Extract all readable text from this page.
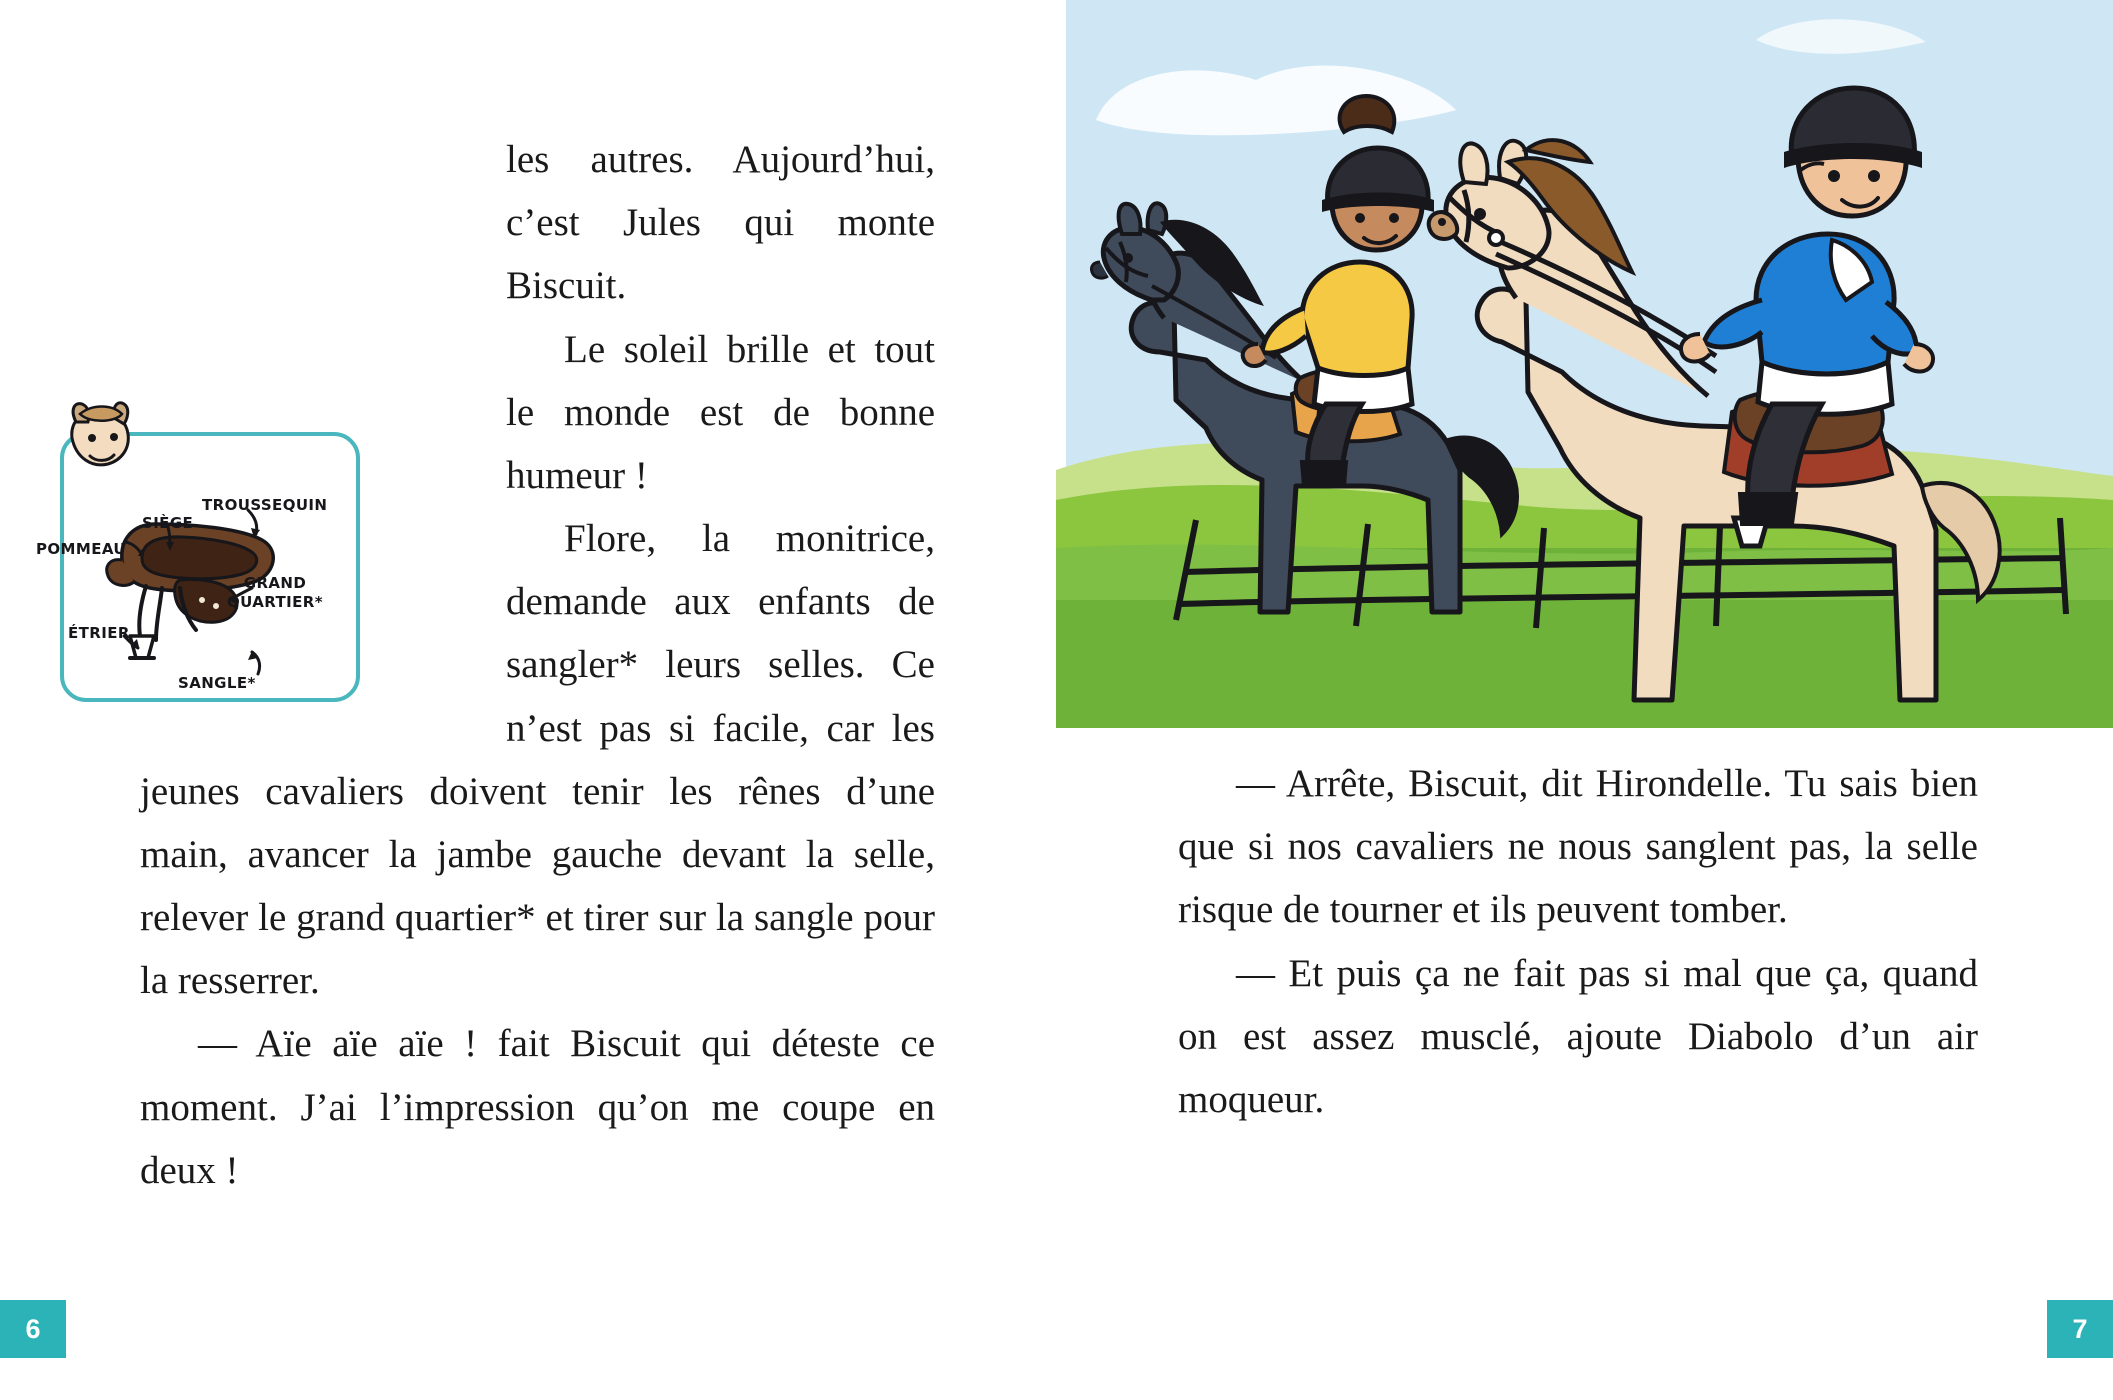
les autres. Aujourd’hui, c’est Jules qui monte Biscuit.

Le soleil brille et tout le monde est de bonne humeur !

Flore, la monitrice, demande aux enfants de sangler* leurs selles. Ce n’est pas si facile, car les jeunes cavaliers doivent tenir les rênes d’une main, avancer la jambe gauche devant la selle, relever le grand quartier* et tirer sur la sangle pour la resserrer.

— Aïe aïe aïe ! fait Biscuit qui déteste ce moment. J’ai l’impression qu’on me coupe en deux !

POMMEAU
SIÈGE
TROUSSEQUIN
GRAND QUARTIER*
ÉTRIER
SANGLE*
6

— Arrête, Biscuit, dit Hirondelle. Tu sais bien que si nos cavaliers ne nous sanglent pas, la selle risque de tourner et ils peuvent tomber.

— Et puis ça ne fait pas si mal que ça, quand on est assez musclé, ajoute Diabolo d’un air moqueur.

7
